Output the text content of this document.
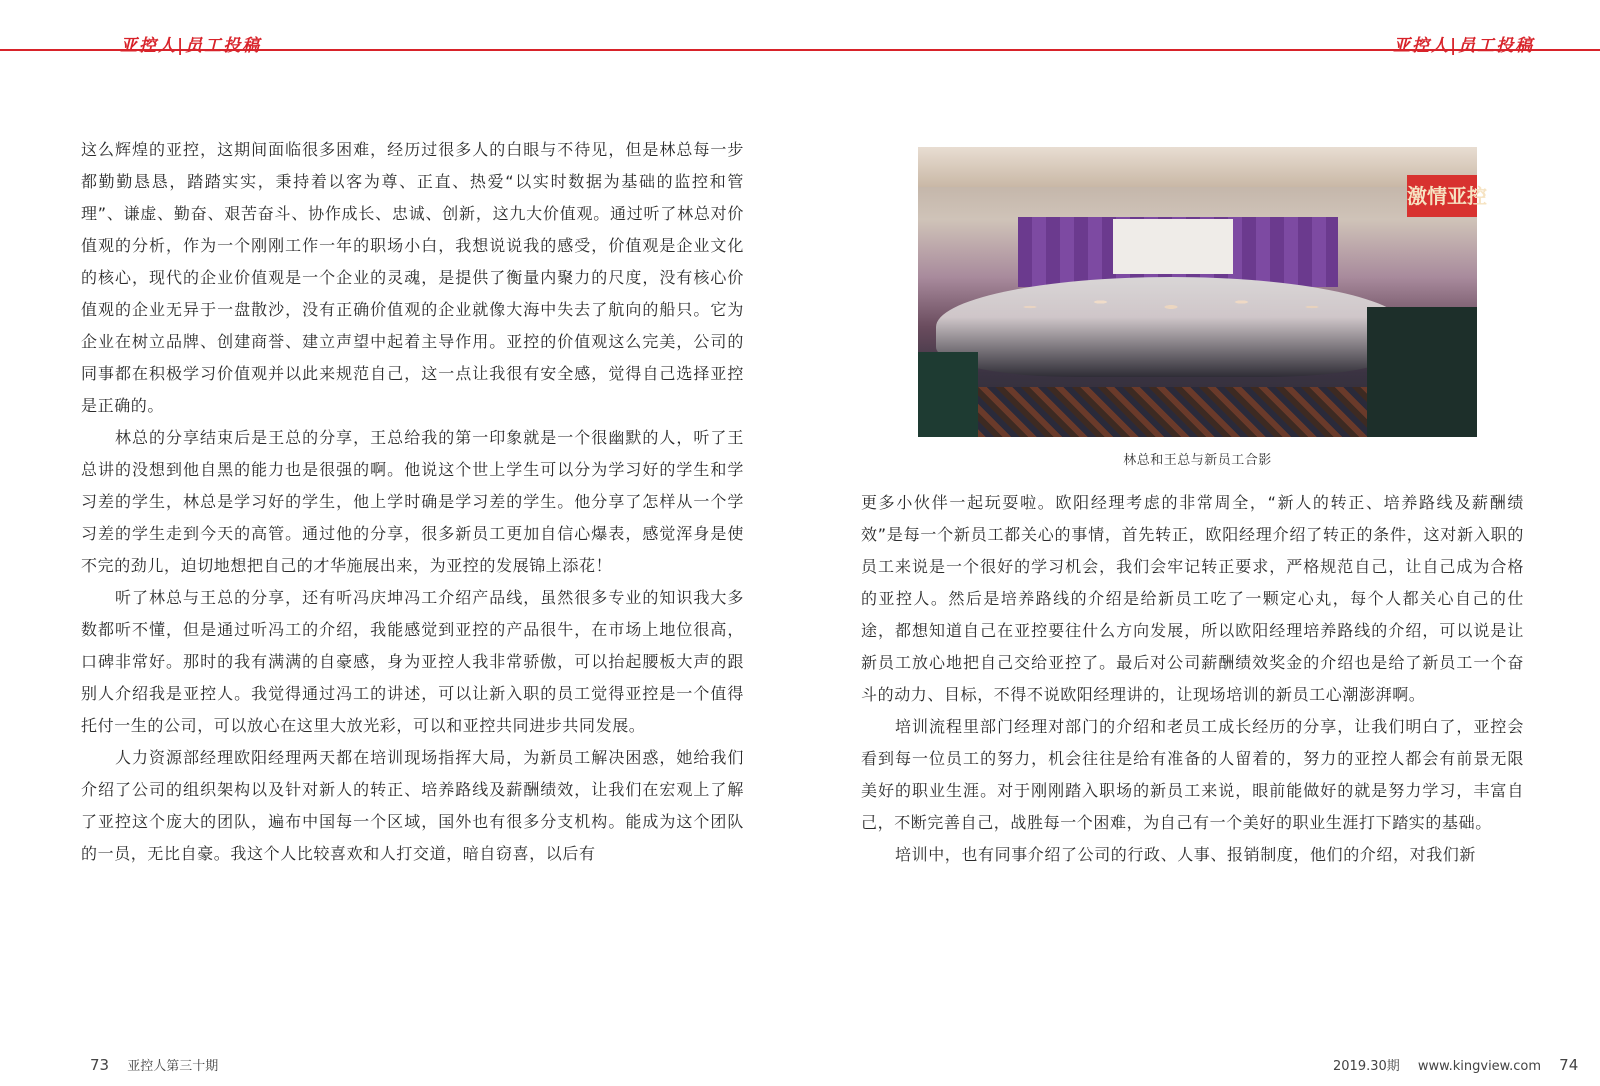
亚控人|员工投稿	亚控人|员工投稿

这么辉煌的亚控，这期间面临很多困难，经历过很多人的白眼与不待见，但是林总每一步都勤勤恳恳，踏踏实实，秉持着以客为尊、正直、热爱“以实时数据为基础的监控和管理”、谦虚、勤奋、艰苦奋斗、协作成长、忠诚、创新，这九大价值观。通过听了林总对价值观的分析，作为一个刚刚工作一年的职场小白，我想说说我的感受，价值观是企业文化的核心，现代的企业价值观是一个企业的灵魂，是提供了衡量内聚力的尺度，没有核心价值观的企业无异于一盘散沙，没有正确价值观的企业就像大海中失去了航向的船只。它为企业在树立品牌、创建商誉、建立声望中起着主导作用。亚控的价值观这么完美，公司的同事都在积极学习价值观并以此来规范自己，这一点让我很有安全感，觉得自己选择亚控是正确的。

林总的分享结束后是王总的分享，王总给我的第一印象就是一个很幽默的人，听了王总讲的没想到他自黑的能力也是很强的啊。他说这个世上学生可以分为学习好的学生和学习差的学生，林总是学习好的学生，他上学时确是学习差的学生。他分享了怎样从一个学习差的学生走到今天的高管。通过他的分享，很多新员工更加自信心爆表，感觉浑身是使不完的劲儿，迫切地想把自己的才华施展出来，为亚控的发展锦上添花！

听了林总与王总的分享，还有听冯庆坤冯工介绍产品线，虽然很多专业的知识我大多数都听不懂，但是通过听冯工的介绍，我能感觉到亚控的产品很牛，在市场上地位很高，口碑非常好。那时的我有满满的自豪感，身为亚控人我非常骄傲，可以抬起腰板大声的跟别人介绍我是亚控人。我觉得通过冯工的讲述，可以让新入职的员工觉得亚控是一个值得托付一生的公司，可以放心在这里大放光彩，可以和亚控共同进步共同发展。

人力资源部经理欧阳经理两天都在培训现场指挥大局，为新员工解决困惑，她给我们介绍了公司的组织架构以及针对新人的转正、培养路线及薪酬绩效，让我们在宏观上了解了亚控这个庞大的团队，遍布中国每一个区域，国外也有很多分支机构。能成为这个团队的一员，无比自豪。我这个人比较喜欢和人打交道，暗自窃喜，以后有

激情亚控
林总和王总与新员工合影

更多小伙伴一起玩耍啦。欧阳经理考虑的非常周全，“新人的转正、培养路线及薪酬绩效”是每一个新员工都关心的事情，首先转正，欧阳经理介绍了转正的条件，这对新入职的员工来说是一个很好的学习机会，我们会牢记转正要求，严格规范自己，让自己成为合格的亚控人。然后是培养路线的介绍是给新员工吃了一颗定心丸，每个人都关心自己的仕途，都想知道自己在亚控要往什么方向发展，所以欧阳经理培养路线的介绍，可以说是让新员工放心地把自己交给亚控了。最后对公司薪酬绩效奖金的介绍也是给了新员工一个奋斗的动力、目标，不得不说欧阳经理讲的，让现场培训的新员工心潮澎湃啊。

培训流程里部门经理对部门的介绍和老员工成长经历的分享，让我们明白了，亚控会看到每一位员工的努力，机会往往是给有准备的人留着的，努力的亚控人都会有前景无限美好的职业生涯。对于刚刚踏入职场的新员工来说，眼前能做好的就是努力学习，丰富自己，不断完善自己，战胜每一个困难，为自己有一个美好的职业生涯打下踏实的基础。

培训中，也有同事介绍了公司的行政、人事、报销制度，他们的介绍，对我们新

73 亚控人第三十期	2019.30期 www.kingview.com 74
